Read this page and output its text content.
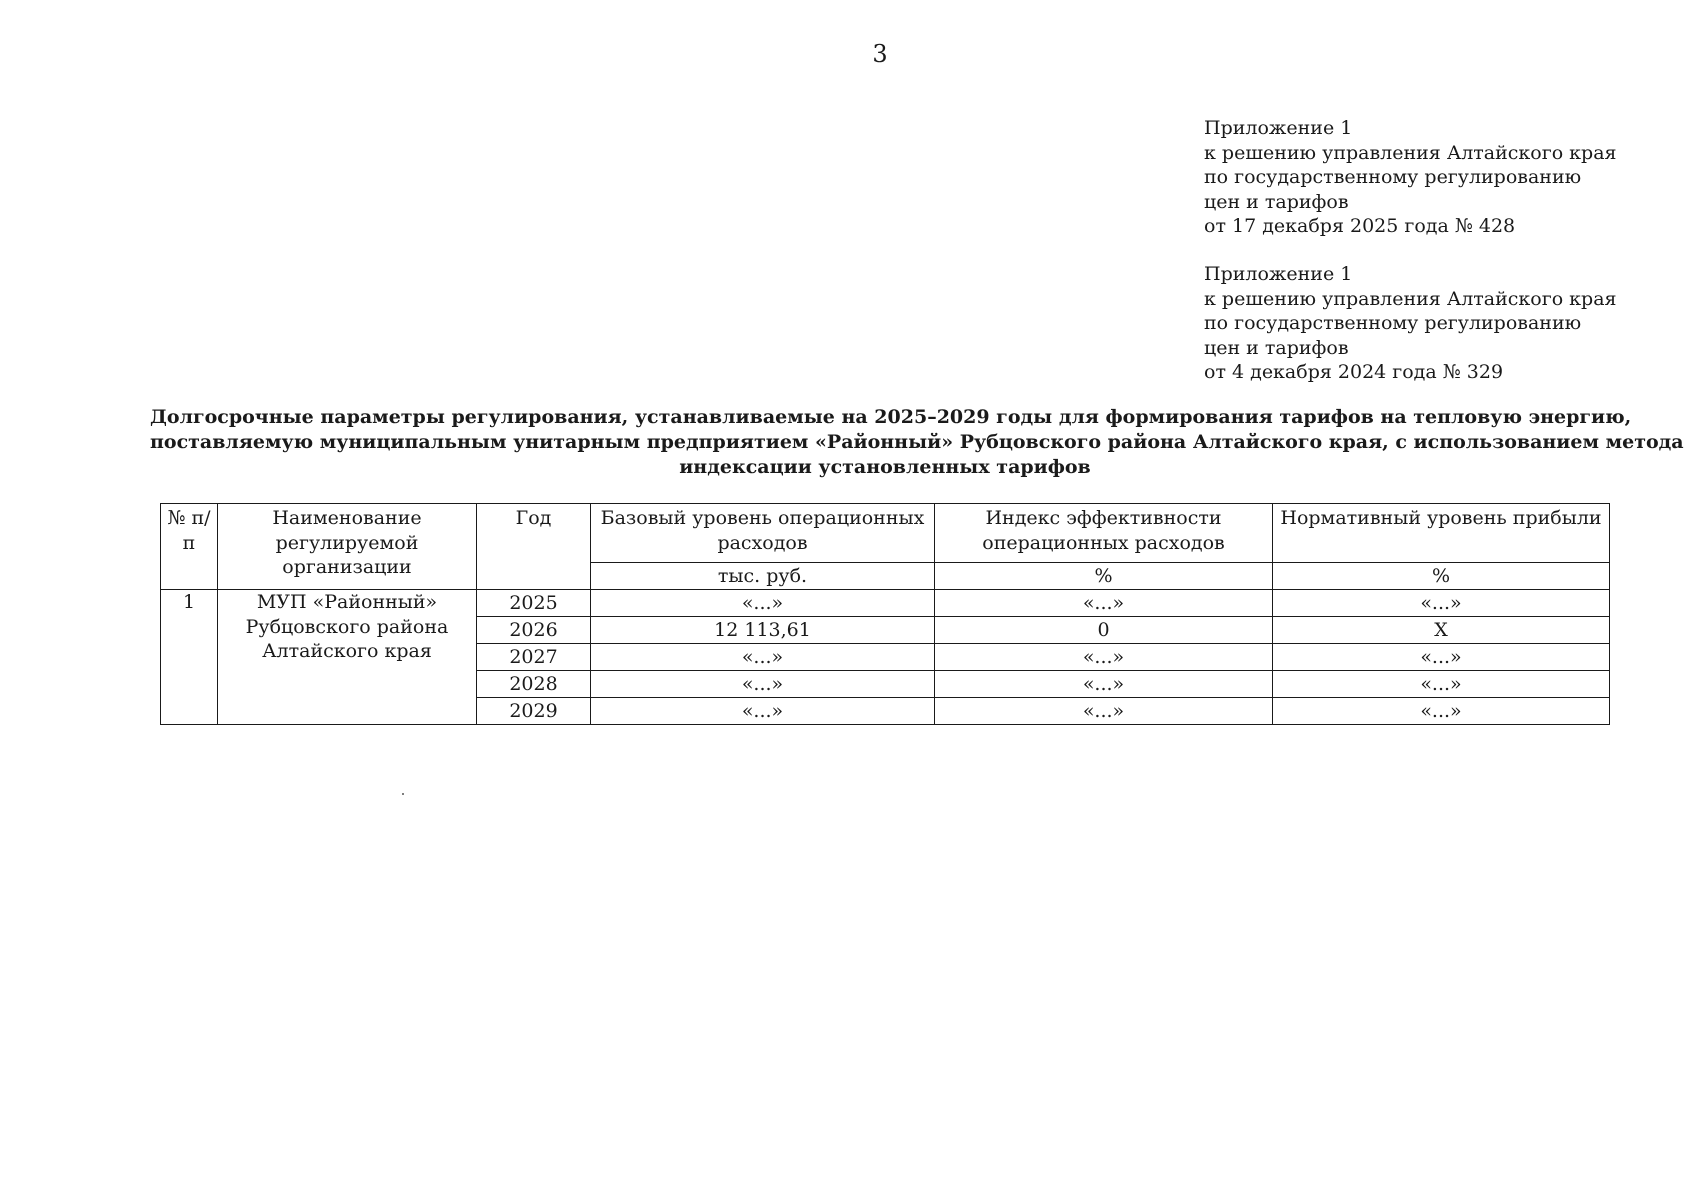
3
Приложение 1
к решению управления Алтайского края
по государственному регулированию
цен и тарифов
от 17 декабря 2025 года № 428
Приложение 1
к решению управления Алтайского края
по государственному регулированию
цен и тарифов
от 4 декабря 2024 года № 329
Долгосрочные параметры регулирования, устанавливаемые на 2025–2029 годы для формирования тарифов на тепловую энергию,
поставляемую муниципальным унитарным предприятием «Районный» Рубцовского района Алтайского края, с использованием метода
индексации установленных тарифов
№ п/п	Наименование регулируемой организации	Год	Базовый уровень операционных расходов	Индекс эффективности операционных расходов	Нормативный уровень прибыли
			тыс. руб.	%	%
1	МУП «Районный» Рубцовского района Алтайского края	2025	«...»	«...»	«...»
		2026	12 113,61	0	Х
		2027	«...»	«...»	«...»
		2028	«...»	«...»	«...»
		2029	«...»	«...»	«...»
